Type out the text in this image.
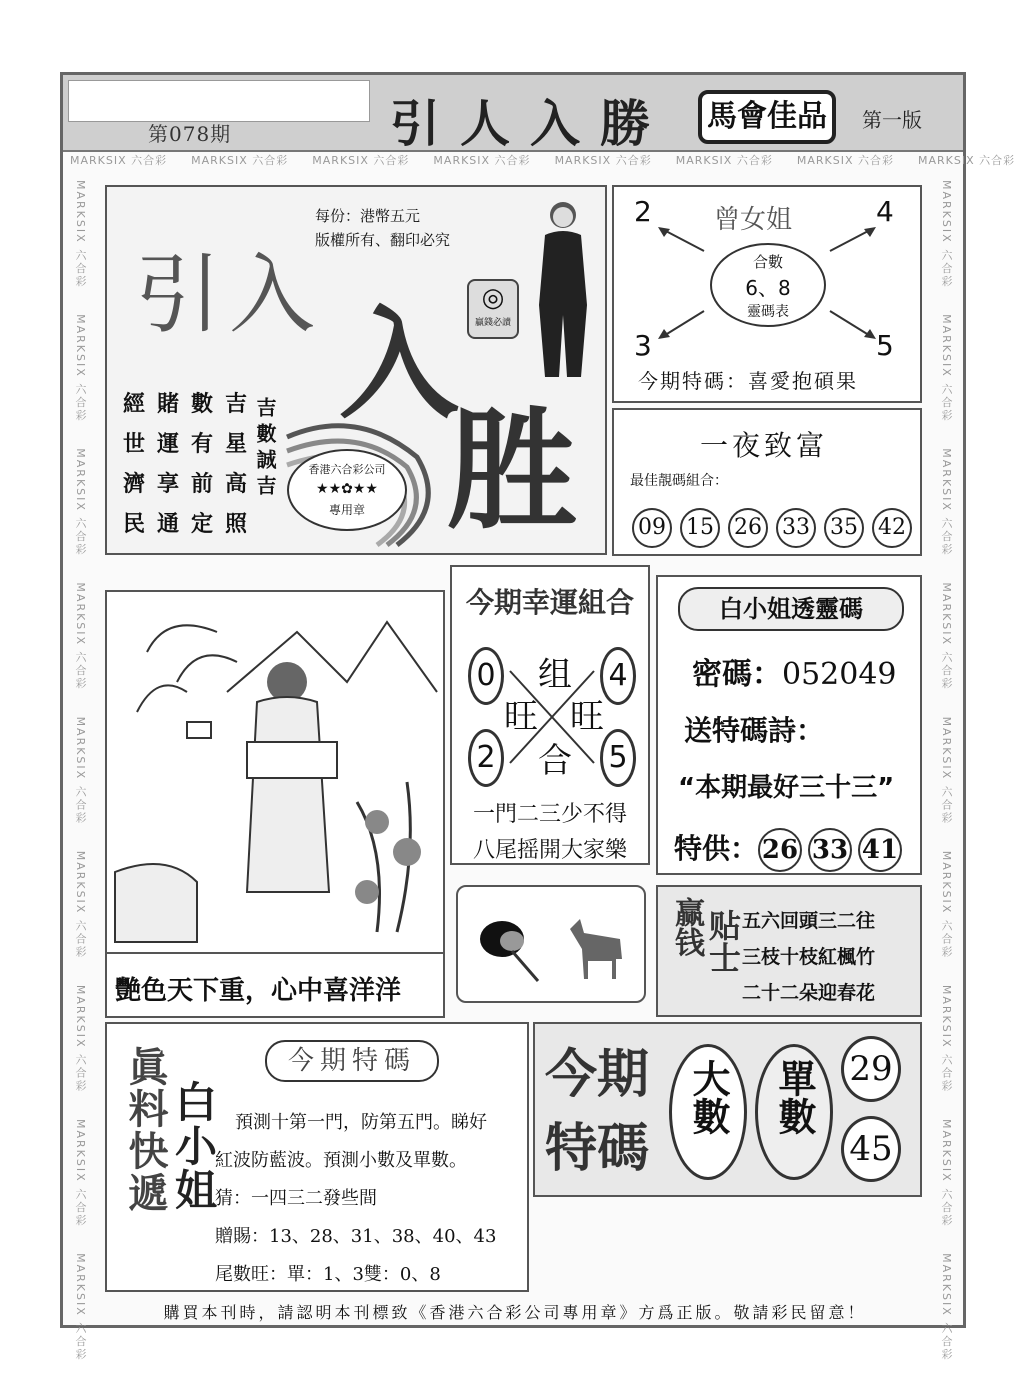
第078期	引人入勝	馬會佳品	第一版
MARKSIX 六合彩　　 MARKSIX 六合彩　　 MARKSIX 六合彩　　 MARKSIX 六合彩　　 MARKSIX 六合彩　　 MARKSIX 六合彩　　 MARKSIX 六合彩　　 MARKSIX 六合彩
MARKSIX 六合彩　　MARKSIX 六合彩　　MARKSIX 六合彩　　MARKSIX 六合彩　　MARKSIX 六合彩　　MARKSIX 六合彩　　MARKSIX 六合彩　　MARKSIX 六合彩　　MARKSIX 六合彩
MARKSIX 六合彩　　MARKSIX 六合彩　　MARKSIX 六合彩　　MARKSIX 六合彩　　MARKSIX 六合彩　　MARKSIX 六合彩　　MARKSIX 六合彩　　MARKSIX 六合彩　　MARKSIX 六合彩
每份：港幣五元
版權所有、翻印必究
引入
入
胜
◎
贏錢必讀
經賭數吉
世運有星
濟享前高
民通定照
吉數誠吉	香港六合彩公司
★★✿★★
專用章
曾女姐
2	4
3	5
合數
6、8
靈碼表
今期特碼：喜愛抱碩果
一夜致富
最佳靚碼組合：
09 15 26 33 35 42
艷色天下重，心中喜洋洋
今期幸運組合
0	4
2	5
组
旺 旺
合
一門二三少不得
八尾摇開大家樂
白小姐透靈碼
密碼：052049
送特碼詩：
“本期最好三十三”
特供： 26 33 41
赢钱 贴士 五六回頭三二往
三枝十枝紅楓竹
二十二朵迎春花
眞料快遞 白小姐
今期特碼
預測十第一門，防第五門。睇好
紅波防藍波。預測小數及單數。
猜：一四三二發些間
贈賜：13、28、31、38、40、43
尾數旺：單：1、3雙：0、8
今期
特碼
大數	單數 29
45
購買本刊時，請認明本刊標致《香港六合彩公司專用章》方爲正版。敬請彩民留意！
